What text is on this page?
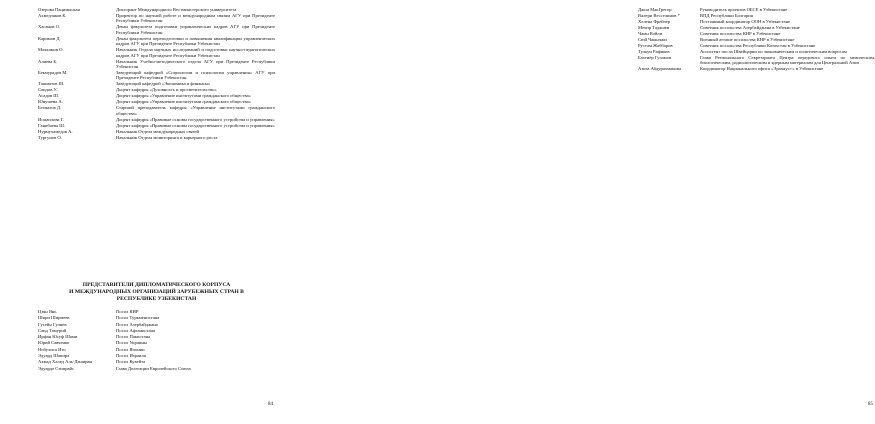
Озерова Пацимыская	Докторант Международного Вестминстерского университета
Ахмедзяков К.	Проректор по научной работе и международным связям АГУ при Президенте Республики Узбекистан
Хасанов О.	Декан факультета подготовки управленческих кадров АГУ при Президенте Республики Узбекистан
Каримов Д.	Декан факультета переподготовки и повышения квалификации управленческих кадров АГУ при Президенте Республики Узбекистан
Махкамов О.	Начальник Отдела научных исследований и подготовки научно-педагогических кадров АГУ при Президенте Республики Узбекистан
Алиева Б.	Начальник Учебно-методического отдела АГУ при Президенте Республики Узбекистан
Бекмурадов М.	Заведующий кафедрой «Социологии и психологии управления» АГУ при Президенте Республики Узбекистан
Ташматов Ш.	Заведующий кафедрой «Экономика и финансы»
Саидов У.	Доцент кафедры «Духовность и просветительство»
Асадов Ш.	Доцент кафедры «Управление институтами гражданского общества»
Юнушева А.	Доцент кафедры «Управление институтами гражданского общества»
Бегматов Д.	Старший преподаватель кафедры «Управление институтами гражданского общества»
Исмаилова Г.	Доцент кафедры «Правовые основы государственного устройства и управления»
Ганибаева Ш.	Доцент кафедры «Правовые основы государственного устройства и управления»
Нурмухамедов А.	Начальник Отдела международных связей
Тургунов О.	Начальник Отдела мониторинга и карьерного роста
ПРЕДСТАВИТЕЛИ ДИПЛОМАТИЧЕСКОГО КОРПУСА
И МЕЖДУНАРОДНЫХ ОРГАНИЗАЦИЙ ЗАРУБЕЖНЫХ СТРАН В
РЕСПУБЛИКЕ УЗБЕКИСТАН
Цзян Янь	Посол КНР
Шири Ширмеев	Посол Туркменистана
Гусейн Гулиев	Посол Азербайджана
Саид Тамурий	Посол Афганистана
Ирфан Юсуф Шами	Посол Пакистана
Юрий Савченко	Посол Украины
Нобухиса Ито	Посол Японии
Эдуард Шапира	Посол Израиля
Ахмад Халед Аль-Джаиран	Посол Кувейта
Эдуарде Стипрайс	Глава Делегации Европейского Союза
84
Джон МакГрегор	Руководитель проектов ОБСЕ в Узбекистане
Валери Весселинов *	ВПД Республики Болгария
Хелена Фрейзер	Постоянный координатор ООН в Узбекистане
Мехир Таджиев	Советник посольства Азербайджана в Узбекистане
Чжан Вэйли	Советник посольства КНР в Узбекистане
Сюй Чжанчжи	Военный атташе посольства КНР в Узбекистане
Рустам Жаббаров	Советник посольства Республики Казахстан в Узбекистане
Тулкун Рафиков	Ассистент посла Швейцарии по экономическим и политическим вопросам
Бахтиёр Гуламов	Глава Регионального Секретариата Центра передового опыта по химическим, биологическим, радиологическим и ядерным материалам для Центральной Азии
Азиза Абдурахманова	Координатор Национального офиса «Эразмус+» в Узбекистане
85
